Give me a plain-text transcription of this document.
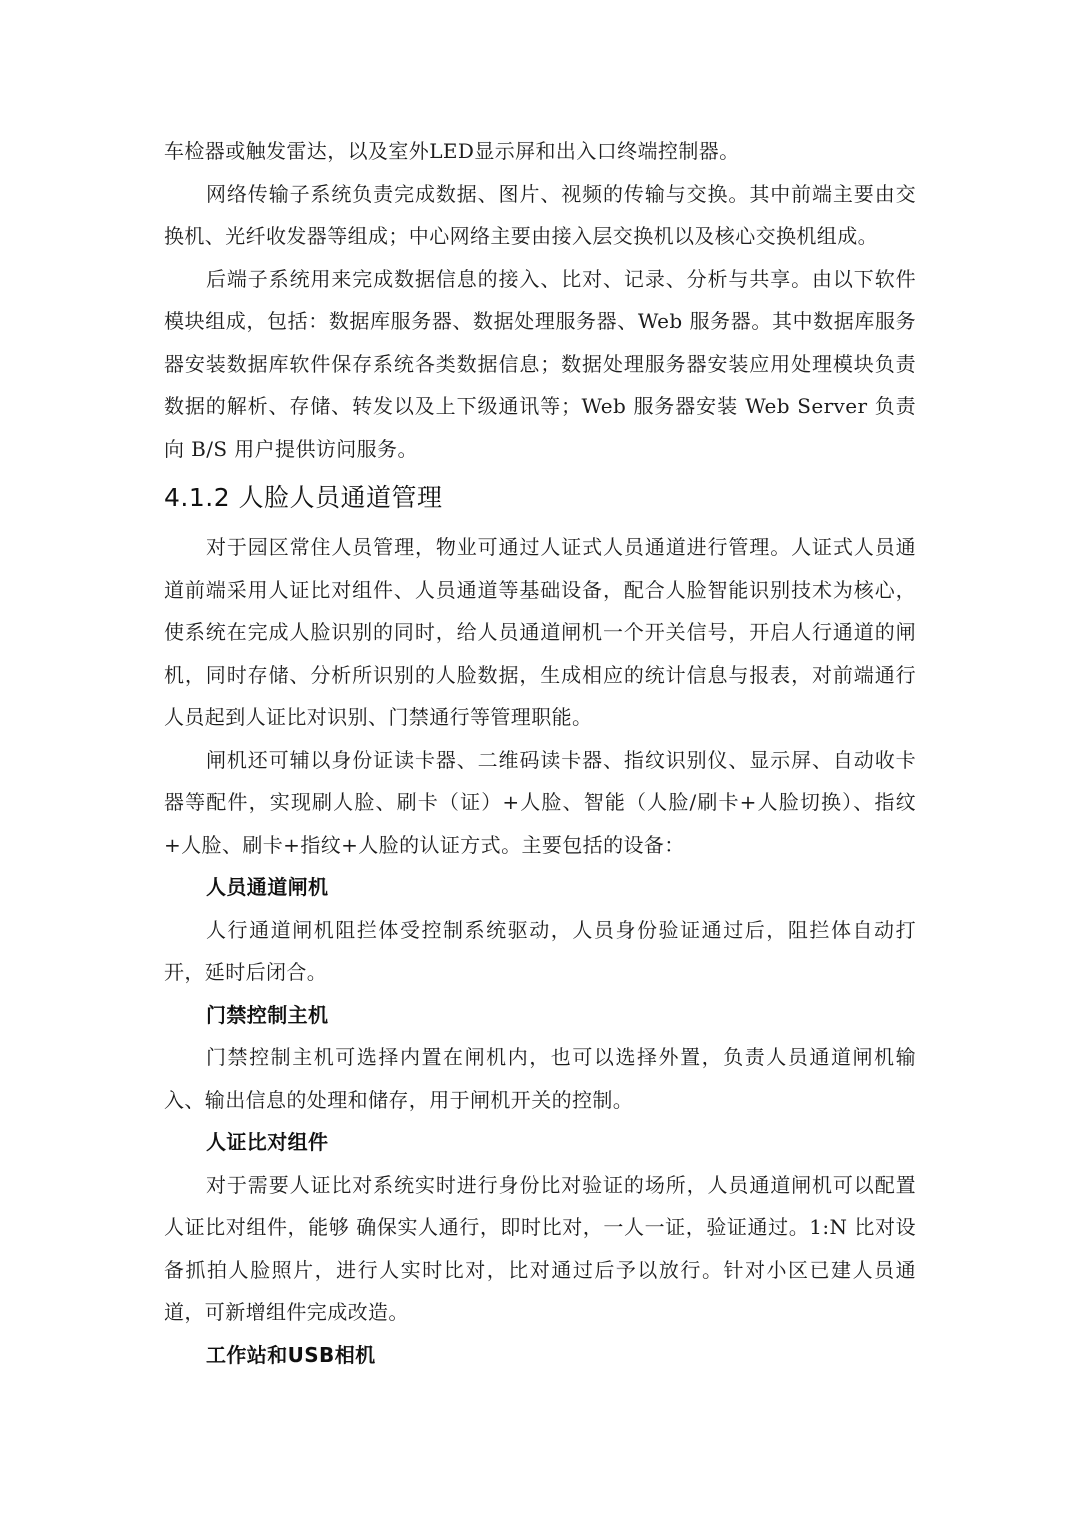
车检器或触发雷达，以及室外LED显示屏和出入口终端控制器。

网络传输子系统负责完成数据、图片、视频的传输与交换。其中前端主要由交换机、光纤收发器等组成；中心网络主要由接入层交换机以及核心交换机组成。

后端子系统用来完成数据信息的接入、比对、记录、分析与共享。由以下软件模块组成，包括：数据库服务器、数据处理服务器、Web 服务器。其中数据库服务器安装数据库软件保存系统各类数据信息；数据处理服务器安装应用处理模块负责数据的解析、存储、转发以及上下级通讯等；Web 服务器安装 Web Server 负责向 B/S 用户提供访问服务。

4.1.2 人脸人员通道管理

对于园区常住人员管理，物业可通过人证式人员通道进行管理。人证式人员通道前端采用人证比对组件、人员通道等基础设备，配合人脸智能识别技术为核心，使系统在完成人脸识别的同时，给人员通道闸机一个开关信号，开启人行通道的闸机，同时存储、分析所识别的人脸数据，生成相应的统计信息与报表，对前端通行人员起到人证比对识别、门禁通行等管理职能。

闸机还可辅以身份证读卡器、二维码读卡器、指纹识别仪、显示屏、自动收卡器等配件，实现刷人脸、刷卡（证）+人脸、智能（人脸/刷卡+人脸切换）、指纹+人脸、刷卡+指纹+人脸的认证方式。主要包括的设备：

人员通道闸机

人行通道闸机阻拦体受控制系统驱动，人员身份验证通过后，阻拦体自动打开，延时后闭合。

门禁控制主机

门禁控制主机可选择内置在闸机内，也可以选择外置，负责人员通道闸机输入、输出信息的处理和储存，用于闸机开关的控制。

人证比对组件

对于需要人证比对系统实时进行身份比对验证的场所，人员通道闸机可以配置人证比对组件，能够 确保实人通行，即时比对，一人一证，验证通过。1:N 比对设备抓拍人脸照片，进行人实时比对，比对通过后予以放行。针对小区已建人员通道，可新增组件完成改造。

工作站和USB相机
